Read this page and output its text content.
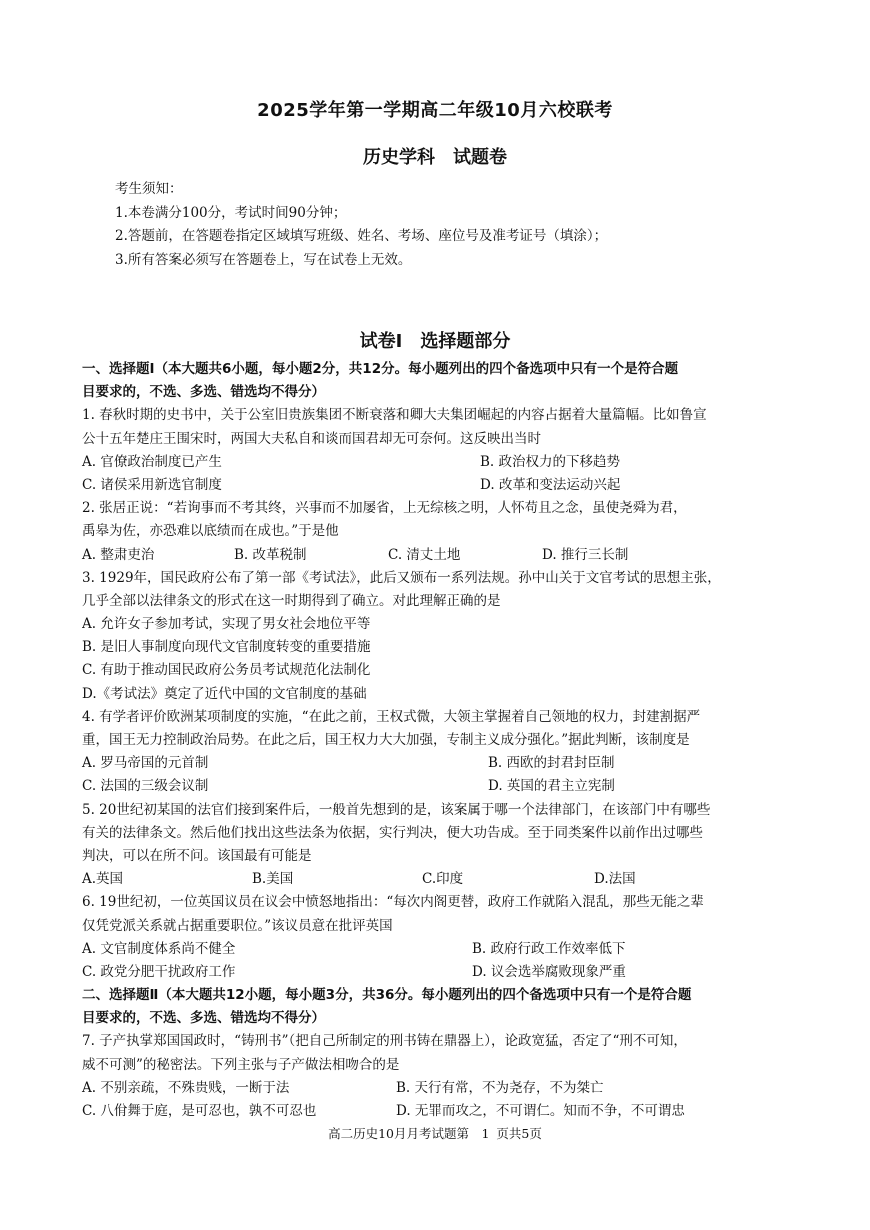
2025学年第一学期高二年级10月六校联考
历史学科　试题卷
考生须知：
1.本卷满分100分，考试时间90分钟；
2.答题前，在答题卷指定区域填写班级、姓名、考场、座位号及准考证号（填涂）；
3.所有答案必须写在答题卷上，写在试卷上无效。
试卷Ⅰ　选择题部分
一、选择题Ⅰ（本大题共6小题，每小题2分，共12分。每小题列出的四个备选项中只有一个是符合题
目要求的，不选、多选、错选均不得分）
1. 春秋时期的史书中，关于公室旧贵族集团不断衰落和卿大夫集团崛起的内容占据着大量篇幅。比如鲁宣
公十五年楚庄王围宋时，两国大夫私自和谈而国君却无可奈何。这反映出当时
A. 官僚政治制度已产生	B. 政治权力的下移趋势
C. 诸侯采用新选官制度	D. 改革和变法运动兴起
2. 张居正说：“若询事而不考其终，兴事而不加屡省，上无综核之明，人怀苟且之念，虽使尧舜为君，
禹皋为佐，亦恐难以底绩而在成也。”于是他
A. 整肃吏治	B. 改革税制	C. 清丈土地	D. 推行三长制
3. 1929年，国民政府公布了第一部《考试法》，此后又颁布一系列法规。孙中山关于文官考试的思想主张，
几乎全部以法律条文的形式在这一时期得到了确立。对此理解正确的是
A. 允许女子参加考试，实现了男女社会地位平等
B. 是旧人事制度向现代文官制度转变的重要措施
C. 有助于推动国民政府公务员考试规范化法制化
D.《考试法》奠定了近代中国的文官制度的基础
4. 有学者评价欧洲某项制度的实施，“在此之前，王权式微，大领主掌握着自己领地的权力，封建割据严
重，国王无力控制政治局势。在此之后，国王权力大大加强，专制主义成分强化。”据此判断，该制度是
A. 罗马帝国的元首制	B. 西欧的封君封臣制
C. 法国的三级会议制	D. 英国的君主立宪制
5. 20世纪初某国的法官们接到案件后，一般首先想到的是，该案属于哪一个法律部门，在该部门中有哪些
有关的法律条文。然后他们找出这些法条为依据，实行判决，便大功告成。至于同类案件以前作出过哪些
判决，可以在所不问。该国最有可能是
A.英国	B.美国	C.印度	D.法国
6. 19世纪初，一位英国议员在议会中愤怒地指出：“每次内阁更替，政府工作就陷入混乱，那些无能之辈
仅凭党派关系就占据重要职位。”该议员意在批评英国
A. 文官制度体系尚不健全	B. 政府行政工作效率低下
C. 政党分肥干扰政府工作	D. 议会选举腐败现象严重
二、选择题Ⅱ（本大题共12小题，每小题3分，共36分。每小题列出的四个备选项中只有一个是符合题
目要求的，不选、多选、错选均不得分）
7. 子产执掌郑国国政时，“铸刑书”（把自己所制定的刑书铸在鼎器上），论政宽猛，否定了“刑不可知，
威不可测”的秘密法。下列主张与子产做法相吻合的是
A. 不别亲疏，不殊贵贱，一断于法	B. 天行有常，不为尧存，不为桀亡
C. 八佾舞于庭，是可忍也，孰不可忍也	D. 无罪而攻之，不可谓仁。知而不争，不可谓忠
高二历史10月月考试题第　1 页共5页
